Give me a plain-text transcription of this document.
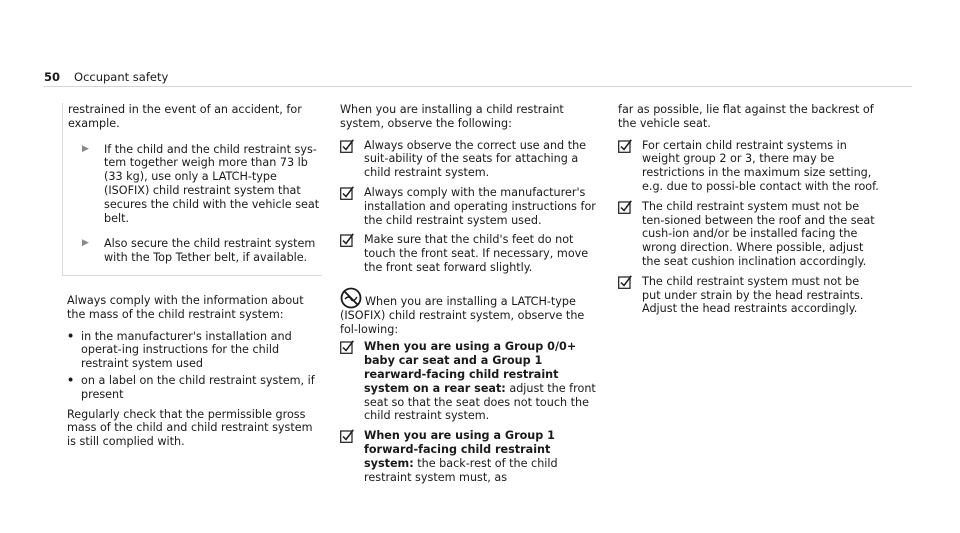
50 Occupant safety

restrained in the event of an accident, for example.

▶ If the child and the child restraint sys-tem together weigh more than 73 lb (33 kg), use only a LATCH-type (ISOFIX) child restraint system that secures the child with the vehicle seat belt.
▶ Also secure the child restraint system with the Top Tether belt, if available.

Always comply with the information about the mass of the child restraint system:

• in the manufacturer's installation and operat-ing instructions for the child restraint system used
• on a label on the child restraint system, if present

Regularly check that the permissible gross mass of the child and child restraint system is still complied with.

When you are installing a child restraint system, observe the following:

Always observe the correct use and the suit-ability of the seats for attaching a child restraint system.
Always comply with the manufacturer's installation and operating instructions for the child restraint system used.
Make sure that the child's feet do not touch the front seat. If necessary, move the front seat forward slightly.
When you are installing a LATCH-type (ISOFIX) child restraint system, observe the fol-lowing:
When you are using a Group 0/0+ baby car seat and a Group 1 rearward-facing child restraint system on a rear seat: adjust the front seat so that the seat does not touch the child restraint system.
When you are using a Group 1 forward-facing child restraint system: the back-rest of the child restraint system must, as

far as possible, lie flat against the backrest of the vehicle seat.

For certain child restraint systems in weight group 2 or 3, there may be restrictions in the maximum size setting, e.g. due to possi-ble contact with the roof.
The child restraint system must not be ten-sioned between the roof and the seat cush-ion and/or be installed facing the wrong direction. Where possible, adjust the seat cushion inclination accordingly.
The child restraint system must not be put under strain by the head restraints. Adjust the head restraints accordingly.
